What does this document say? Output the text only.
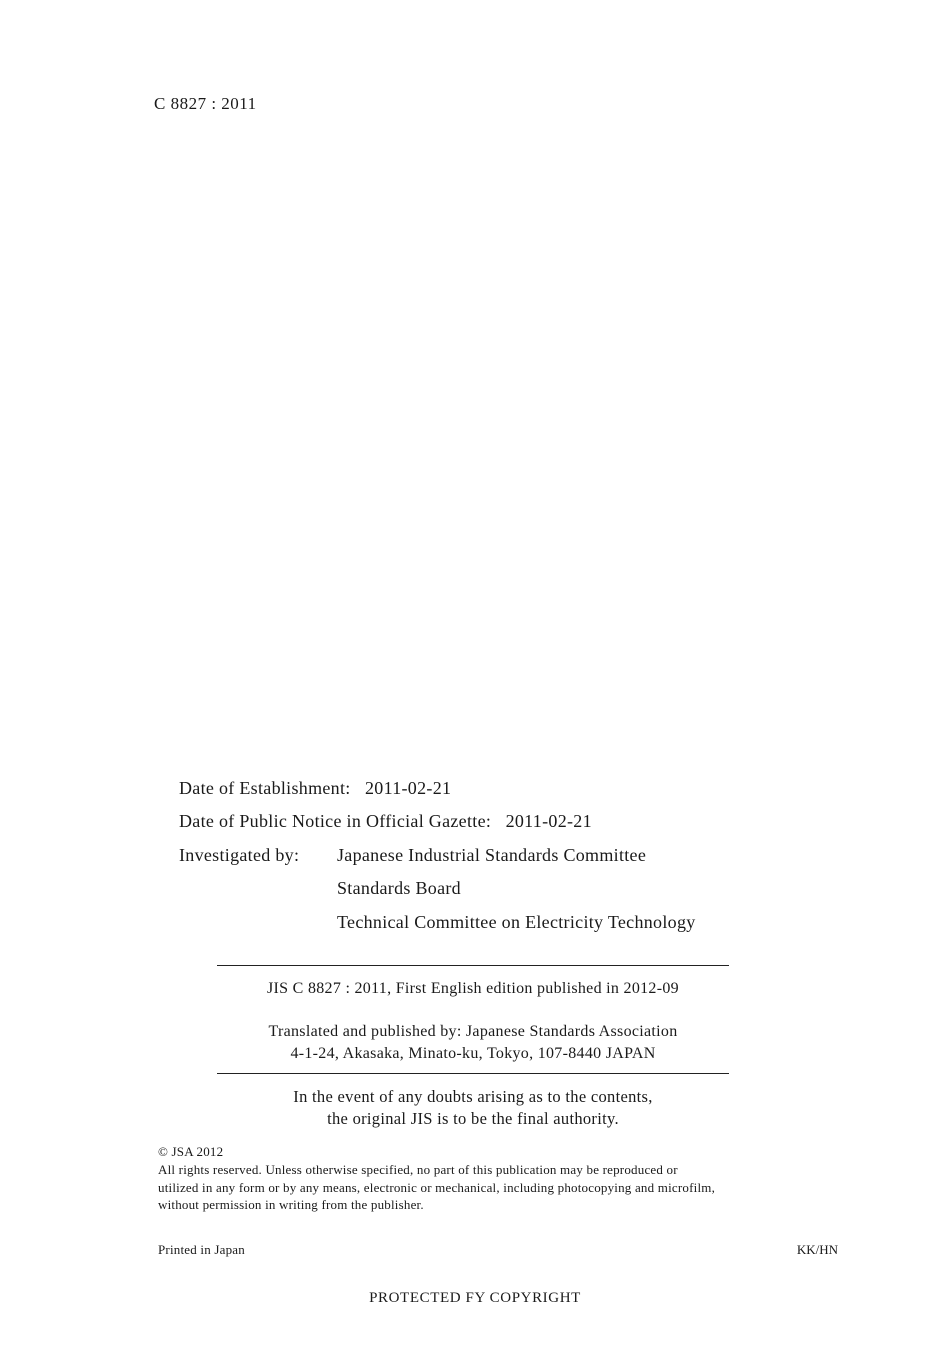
C 8827 : 2011
Date of Establishment: 2011-02-21
Date of Public Notice in Official Gazette: 2011-02-21
Investigated by: Japanese Industrial Standards Committee
Standards Board
Technical Committee on Electricity Technology
JIS C 8827 : 2011, First English edition published in 2012-09
Translated and published by: Japanese Standards Association
4-1-24, Akasaka, Minato-ku, Tokyo, 107-8440 JAPAN
In the event of any doubts arising as to the contents,
the original JIS is to be the final authority.
© JSA 2012
All rights reserved. Unless otherwise specified, no part of this publication may be reproduced or
utilized in any form or by any means, electronic or mechanical, including photocopying and microfilm,
without permission in writing from the publisher.
Printed in Japan	KK/HN
PROTECTED FY COPYRIGHT
